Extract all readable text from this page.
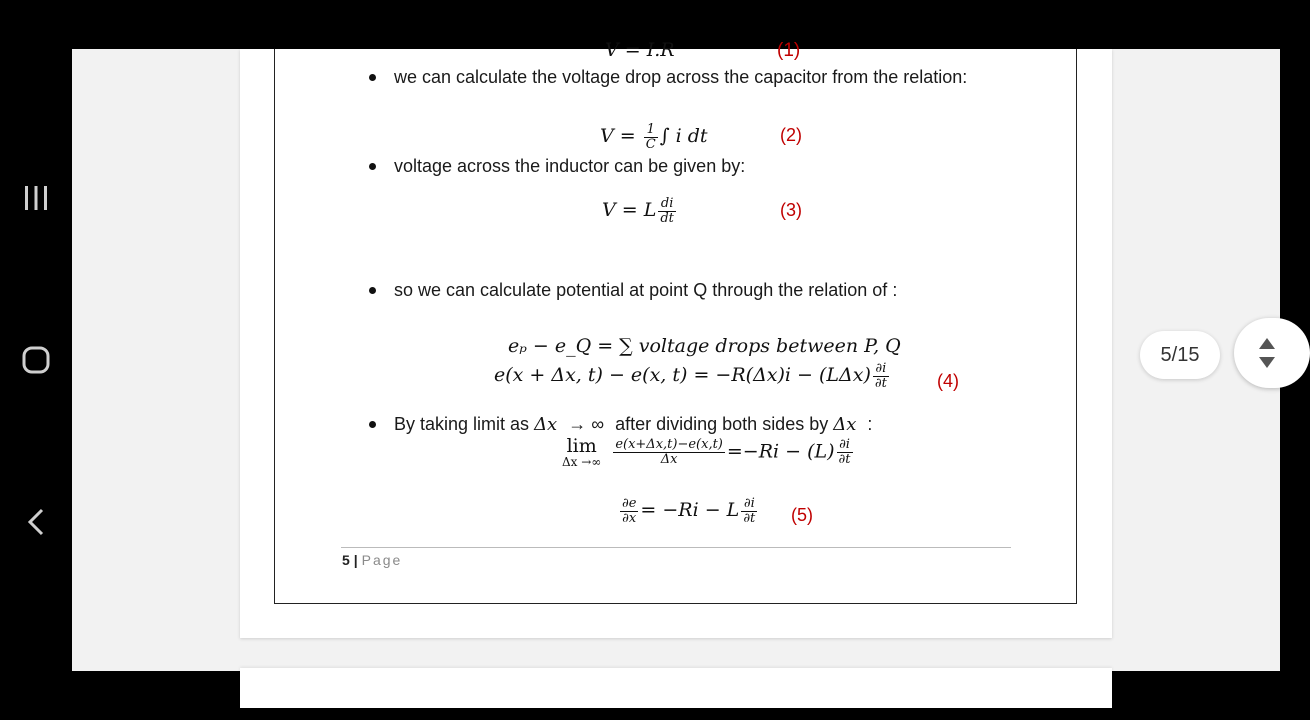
V = I.R	(1)
we can calculate the voltage drop across the capacitor from the relation:
$V = \frac{1}{C}$ ∫ i dt	(2)
voltage across the inductor can be given by:
V = L $\frac{di}{dt}$	(3)
so we can calculate potential at point Q through the relation of :
eₚ − e_Q = ∑ voltage drops between P, Q
e(x + Δx, t) − e(x, $t) = -R(\Delta x)i - (L\Delta x) \frac{\partial i}{\partial t}$	(4)
By taking limit as Δx → ∞ after dividing both sides by Δx :
lim
Δx →∞ $\frac{e(x+\Delta x,t)-e(x,t)}{\Delta x} =-Ri - (L) \frac{\partial i}{\partial t}$
$\frac{\partial e}{\partial x} = -Ri - L \frac{\partial i}{\partial t} (5)$
5 | Page
5/15
